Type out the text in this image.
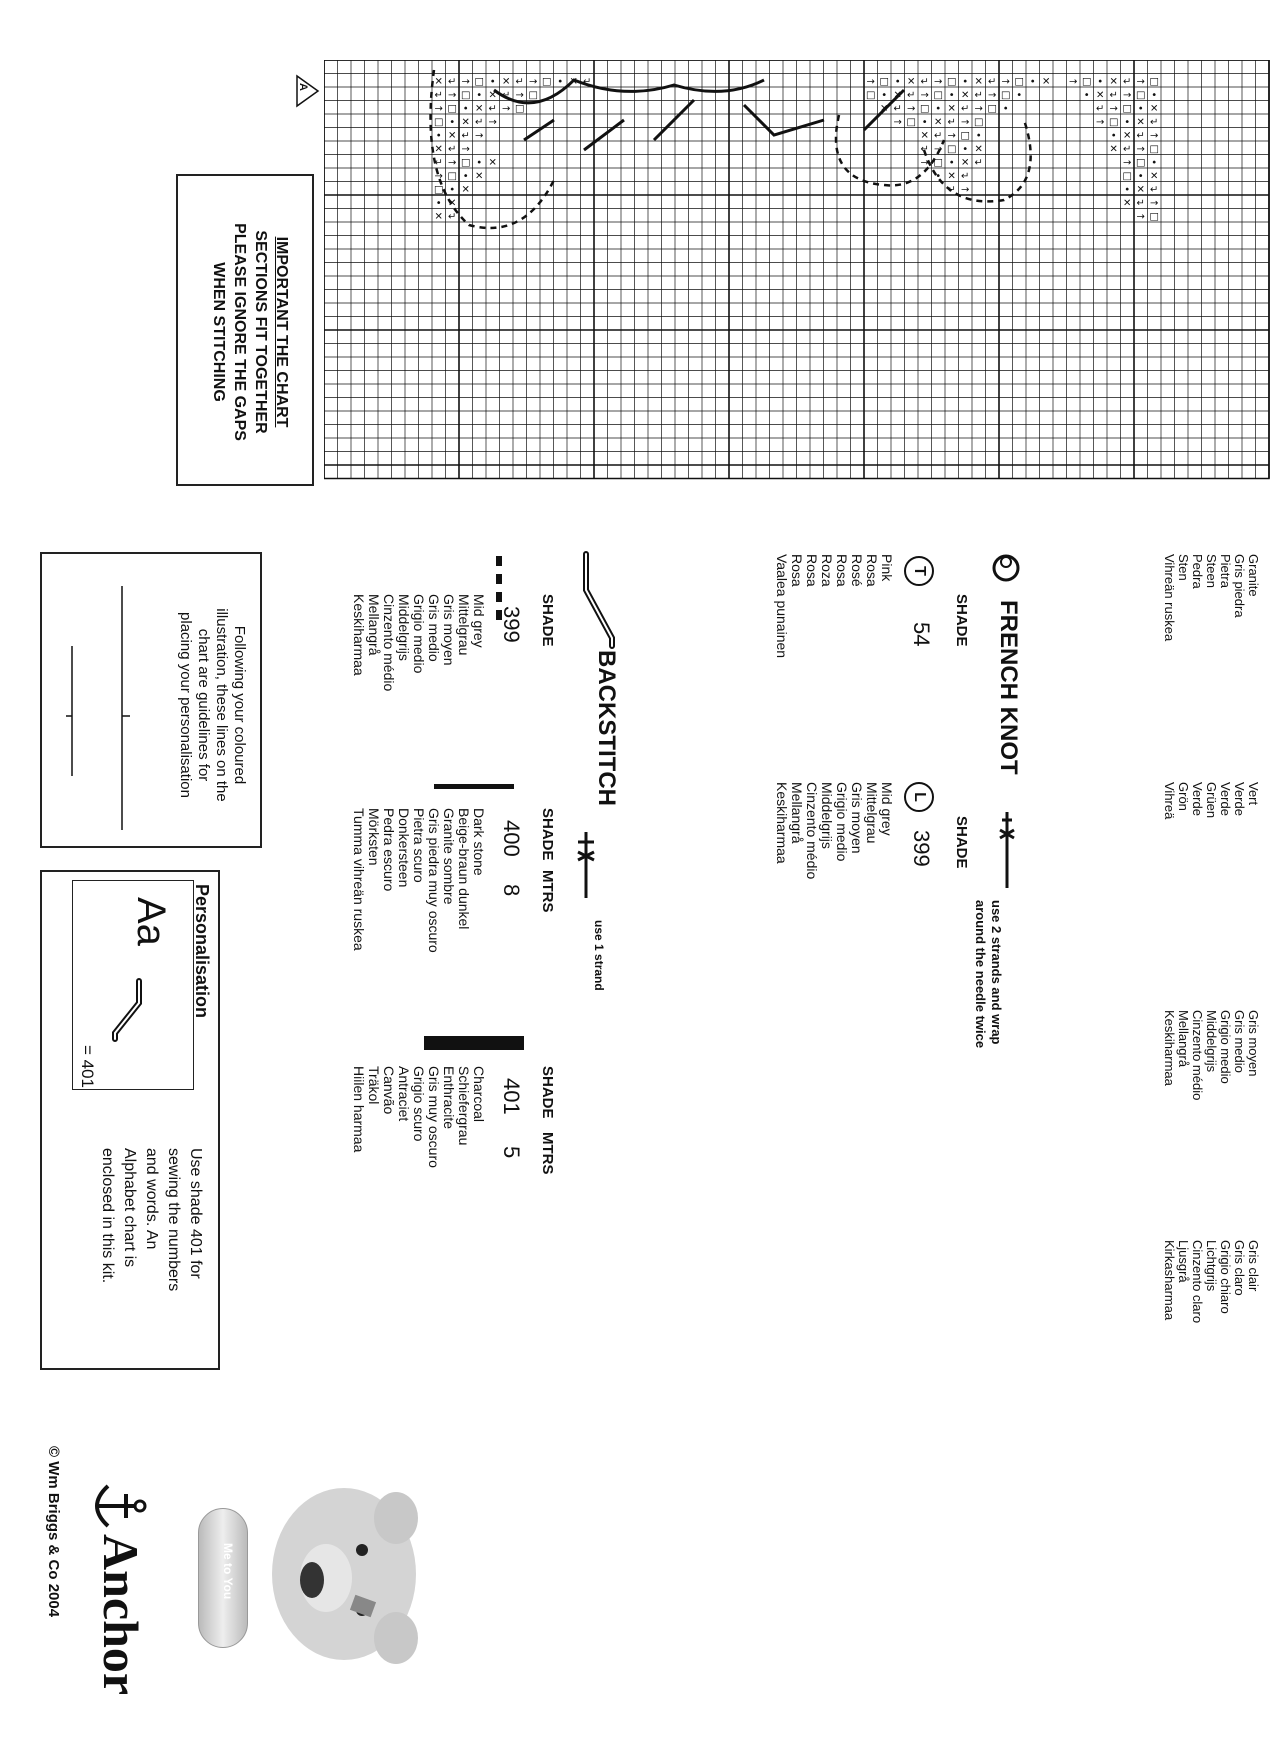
✕ ↵ → □ • ✕ ↵ → □ • ✕ ↵
↵ → □ • ✕ ↵ → □
→ □ • ✕ ↵ → □
□ • ✕ ↵ →
• ✕ ↵ →
✕ ↵ →
↵ → □ • ✕
→ □ • ✕
□ • ✕
• ✕
✕ ↵
→ □ • ✕ ↵ → □ • ✕ ↵ → □ • ✕
□ • ✕ ↵ → □ • ✕ ↵ → □ •
✕ ↵ → □ • ✕ ↵ → □ •
→ □ • ✕ ↵ → □
✕ ↵ → □ •
↵ → □ • ✕
→ □ • ✕ ↵
• ✕ ↵
↵ →
→ □ • ✕ ↵ → □
• ✕ ↵ → □ •
↵ → □ • ✕
→ □ • ✕ ↵
• ✕ ↵ →
✕ ↵ → □
→ □ •
□ • ✕
• ✕ ↵
✕ ↵ →
→ □
A
IMPORTANT THE CHART
SECTIONS FIT TOGETHER
PLEASE IGNORE THE GAPS
WHEN STITCHING
Granite
Gris piedra
Pietra
Steen
Pedra
Sten
Vihreän ruskea
Vert
Verde
Verde
Grüen
Verde
Grön
Vihreä
Gris moyen
Gris medio
Grigio medio
Middelgrijs
Cinzento médio
Mellangrå
Keskiharmaa
Gris clair
Gris claro
Grigio chiaro
Lichtgrijs
Cinzento claro
Ljusgrå
Kirkasharmaa
FRENCH KNOT
use 2 strands and wrap
around the needle twice
SHADE
T
54
Pink
Rosa
Rosé
Rosa
Roza
Rosa
Rosa
Vaalea punainen
SHADE
L
399
Mid grey
Mittelgrau
Gris moyen
Grigio medio
Middelgrijs
Cinzento médio
Mellangrå
Keskiharmaa
BACKSTITCH
use 1 strand
SHADE
399
Mid grey
Mittelgrau
Gris moyen
Gris medio
Grigio medio
Middelgrijs
Cinzento médio
Mellangrå
Keskiharmaa
SHADE
MTRS
400
8
Dark stone
Beige-braun dunkel
Granite sombre
Gris piedra muy oscuro
Pietra scuro
Donkersteen
Pedra escuro
Mörksten
Tumma vihreän ruskea
SHADE
MTRS
401
5
Charcoal
Schiefergrau
Enthracite
Gris muy oscuro
Grigio scuro
Antraciet
Canvão
Träkol
Hiilen harmaa
Following your coloured
illustration, these lines on the
chart are guidelines for
placing your personalisation
Personalisation
Aa
= 401
Use shade 401 for
sewing the numbers
and words. An
Alphabet chart is
enclosed in this kit.
Me to You
Anchor
© Wm Briggs & Co 2004
